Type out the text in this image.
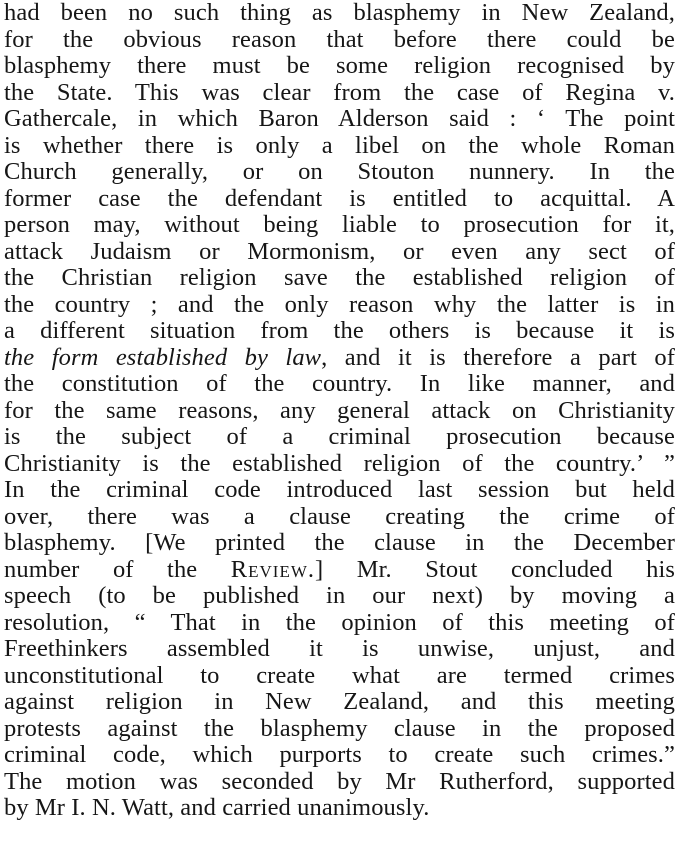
had been no such thing as blasphemy in New Zealand,
for the obvious reason that before there could be
blasphemy there must be some religion recognised by
the State. This was clear from the case of Regina v.
Gathercale, in which Baron Alderson said : ‘ The point
is whether there is only a libel on the whole Roman
Church generally, or on Stouton nunnery. In the
former case the defendant is entitled to acquittal. A
person may, without being liable to prosecution for it,
attack Judaism or Mormonism, or even any sect of
the Christian religion save the established religion of
the country ; and the only reason why the latter is in
a different situation from the others is because it is
the form established by law, and it is therefore a part of
the constitution of the country. In like manner, and
for the same reasons, any general attack on Christianity
is the subject of a criminal prosecution because
Christianity is the established religion of the country.’ ”
In the criminal code introduced last session but held
over, there was a clause creating the crime of
blasphemy. [We printed the clause in the December
number of the Review.] Mr. Stout concluded his
speech (to be published in our next) by moving a
resolution, “ That in the opinion of this meeting of
Freethinkers assembled it is unwise, unjust, and
unconstitutional to create what are termed crimes
against religion in New Zealand, and this meeting
protests against the blasphemy clause in the proposed
criminal code, which purports to create such crimes.”
The motion was seconded by Mr Rutherford, supported
by Mr I. N. Watt, and carried unanimously.
